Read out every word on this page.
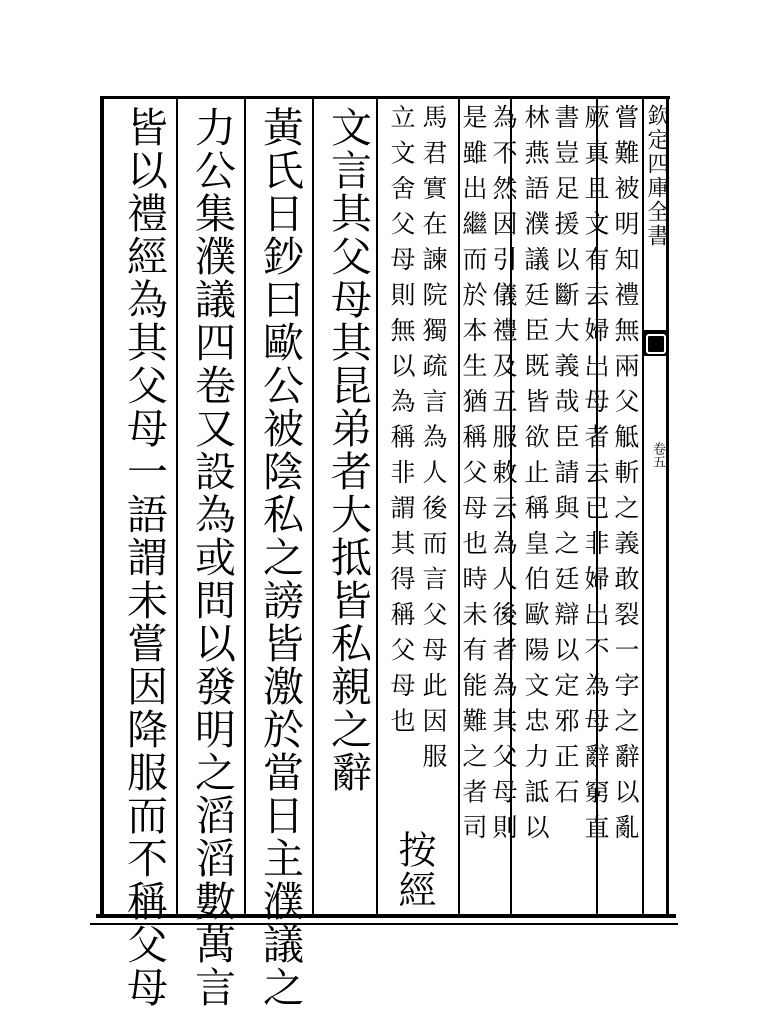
欽定四庫全書
卷五
嘗難被明知禮無兩父觝斬之義敢裂一字之辭以亂
厥真且文有去婦出母者去已非婦出不為母辭窮直
書豈足援以斷大義哉臣請與之廷辯以定邪正石
林燕語濮議廷臣既皆欲止稱皇伯歐陽文忠力詆以
為不然因引儀禮及五服敕云為人後者為其父母則
是雖出繼而於本生猶稱父母也時未有能難之者司
馬君實在諫院獨疏言為人後而言父母此因服
立文舍父母則無以為稱非謂其得稱父母也
按經
文言其父母其昆弟者大抵皆私親之辭
黃氏日鈔曰歐公被陰私之謗皆激於當日主濮議之
力公集濮議四卷又設為或問以發明之滔滔數萬言
皆以禮經為其父母一語謂未嘗因降服而不稱父母
